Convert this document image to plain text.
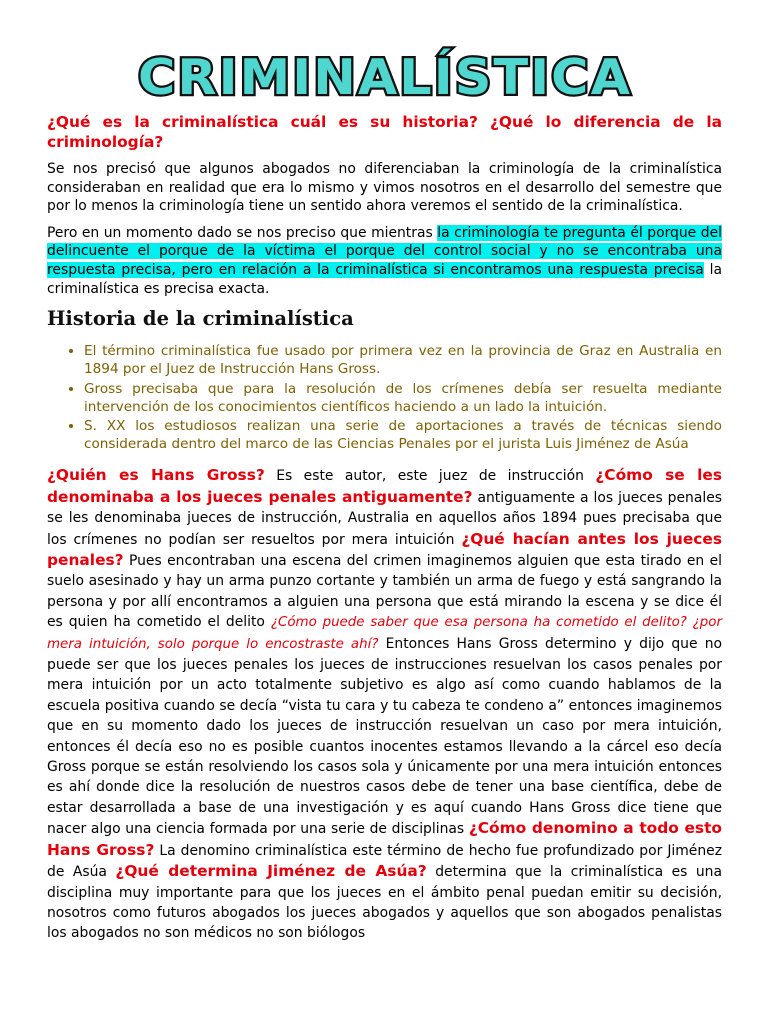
CRIMINALÍSTICA

¿Qué es la criminalística cuál es su historia? ¿Qué lo diferencia de la criminología?

Se nos precisó que algunos abogados no diferenciaban la criminología de la criminalística consideraban en realidad que era lo mismo y vimos nosotros en el desarrollo del semestre que por lo menos la criminología tiene un sentido ahora veremos el sentido de la criminalística.

Pero en un momento dado se nos preciso que mientras la criminología te pregunta él porque del delincuente el porque de la víctima el porque del control social y no se encontraba una respuesta precisa, pero en relación a la criminalística si encontramos una respuesta precisa la criminalística es precisa exacta.

Historia de la criminalística
• El término criminalística fue usado por primera vez en la provincia de Graz en Australia en 1894 por el Juez de Instrucción Hans Gross.
• Gross precisaba que para la resolución de los crímenes debía ser resuelta mediante intervención de los conocimientos científicos haciendo a un lado la intuición.
• S. XX los estudiosos realizan una serie de aportaciones a través de técnicas siendo considerada dentro del marco de las Ciencias Penales por el jurista Luis Jiménez de Asúa

¿Quién es Hans Gross? Es este autor, este juez de instrucción ¿Cómo se les denominaba a los jueces penales antiguamente? antiguamente a los jueces penales se les denominaba jueces de instrucción, Australia en aquellos años 1894 pues precisaba que los crímenes no podían ser resueltos por mera intuición ¿Qué hacían antes los jueces penales? Pues encontraban una escena del crimen imaginemos alguien que esta tirado en el suelo asesinado y hay un arma punzo cortante y también un arma de fuego y está sangrando la persona y por allí encontramos a alguien una persona que está mirando la escena y se dice él es quien ha cometido el delito ¿Cómo puede saber que esa persona ha cometido el delito? ¿por mera intuición, solo porque lo encostraste ahí? Entonces Hans Gross determino y dijo que no puede ser que los jueces penales los jueces de instrucciones resuelvan los casos penales por mera intuición por un acto totalmente subjetivo es algo así como cuando hablamos de la escuela positiva cuando se decía “vista tu cara y tu cabeza te condeno a” entonces imaginemos que en su momento dado los jueces de instrucción resuelvan un caso por mera intuición, entonces él decía eso no es posible cuantos inocentes estamos llevando a la cárcel eso decía Gross porque se están resolviendo los casos sola y únicamente por una mera intuición entonces es ahí donde dice la resolución de nuestros casos debe de tener una base científica, debe de estar desarrollada a base de una investigación y es aquí cuando Hans Gross dice tiene que nacer algo una ciencia formada por una serie de disciplinas ¿Cómo denomino a todo esto Hans Gross? La denomino criminalística este término de hecho fue profundizado por Jiménez de Asúa ¿Qué determina Jiménez de Asúa? determina que la criminalística es una disciplina muy importante para que los jueces en el ámbito penal puedan emitir su decisión, nosotros como futuros abogados los jueces abogados y aquellos que son abogados penalistas los abogados no son médicos no son biólogos
